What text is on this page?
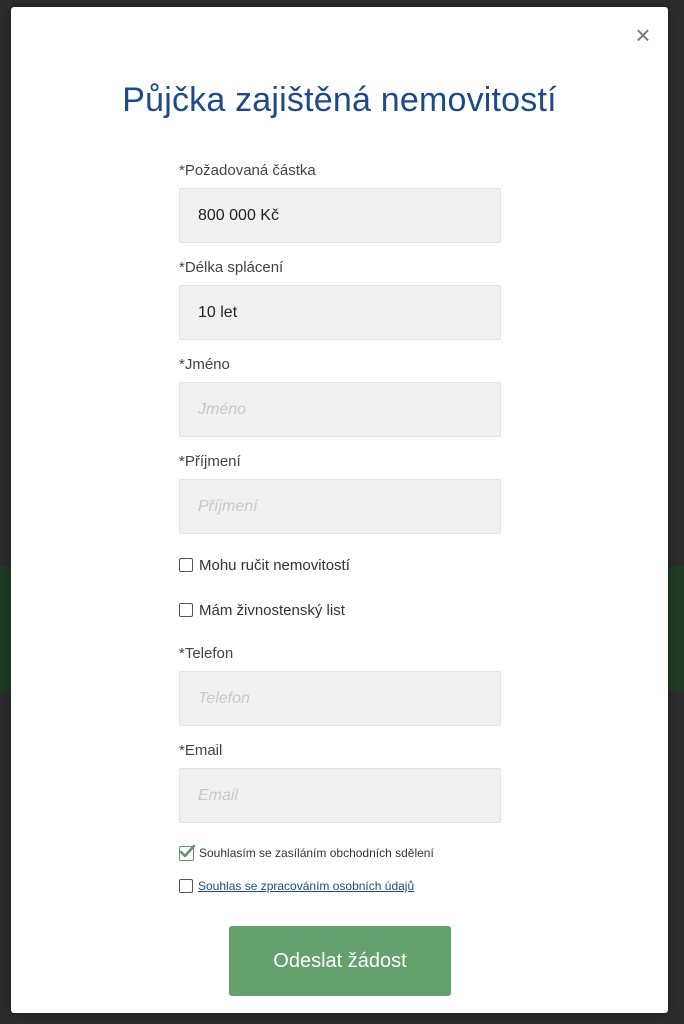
×
Půjčka zajištěná nemovitostí
*Požadovaná částka
800 000 Kč
*Délka splácení
10 let
*Jméno
Jméno
*Příjmení
Příjmení
Mohu ručit nemovitostí
Mám živnostenský list
*Telefon
Telefon
*Email
Email
Souhlasím se zasíláním obchodních sdělení
Souhlas se zpracováním osobních údajů
Odeslat žádost
